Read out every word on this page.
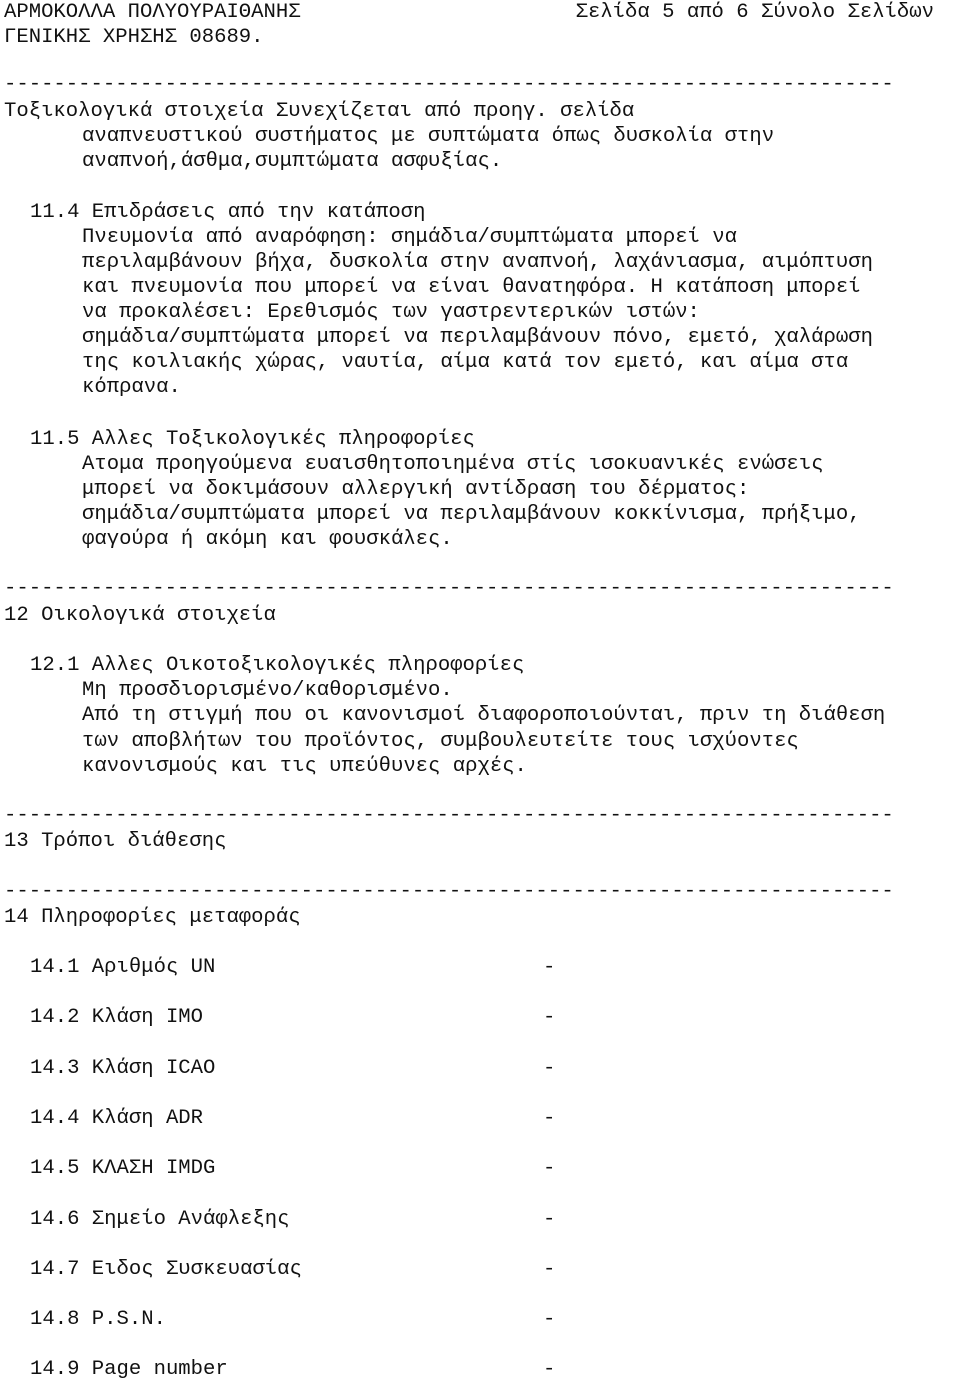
ΑΡΜΟΚΟΛΛΑ ΠΟΛΥΟΥΡΑΙΘΑΝΗΣ	Σελίδα 5 από 6 Σύνολο Σελίδων
ΓΕΝΙΚΗΣ ΧΡΗΣΗΣ 08689.
------------------------------------------------------------------------
Τοξικολογικά στοιχεία Συνεχίζεται από προηγ. σελίδα
αναπνευστικού συστήματος με συπτώματα όπως δυσκολία στην
αναπνοή,άσθμα,συμπτώματα ασφυξίας.
11.4 Επιδράσεις από την κατάποση
Πνευμονία από αναρόφηση: σημάδια/συμπτώματα μπορεί να
περιλαμβάνουν βήχα, δυσκολία στην αναπνοή, λαχάνιασμα, αιμόπτυση
και πνευμονία που μπορεί να είναι θανατηφόρα. Η κατάποση μπορεί
να προκαλέσει: Ερεθισμός των γαστρεντερικών ιστών:
σημάδια/συμπτώματα μπορεί να περιλαμβάνουν πόνο, εμετό, χαλάρωση
της κοιλιακής χώρας, ναυτία, αίμα κατά τον εμετό, και αίμα στα
κόπρανα.
11.5 Αλλες Τοξικολογικές πληροφορίες
Ατομα προηγούμενα ευαισθητοποιημένα στίς ισοκυανικές ενώσεις
μπορεί να δοκιμάσουν αλλεργική αντίδραση του δέρματος:
σημάδια/συμπτώματα μπορεί να περιλαμβάνουν κοκκίνισμα, πρήξιμο,
φαγούρα ή ακόμη και φουσκάλες.
------------------------------------------------------------------------
12 Οικολογικά στοιχεία
12.1 Αλλες Οικοτοξικολογικές πληροφορίες
Μη προσδιορισμένο/καθορισμένο.
Από τη στιγμή που οι κανονισμοί διαφοροποιούνται, πριν τη διάθεση
των αποβλήτων του προϊόντος, συμβουλευτείτε τους ισχύοντες
κανονισμούς και τις υπεύθυνες αρχές.
------------------------------------------------------------------------
13 Τρόποι διάθεσης
------------------------------------------------------------------------
14 Πληροφορίες μεταφοράς
14.1 Αριθμός UN	-
14.2 Κλάση IMO	-
14.3 Κλάση ICAO	-
14.4 Κλάση ADR	-
14.5 ΚΛΑΣΗ IMDG	-
14.6 Σημείο Ανάφλεξης	-
14.7 Ειδος Συσκευασίας	-
14.8 P.S.N.	-
14.9 Page number	-
